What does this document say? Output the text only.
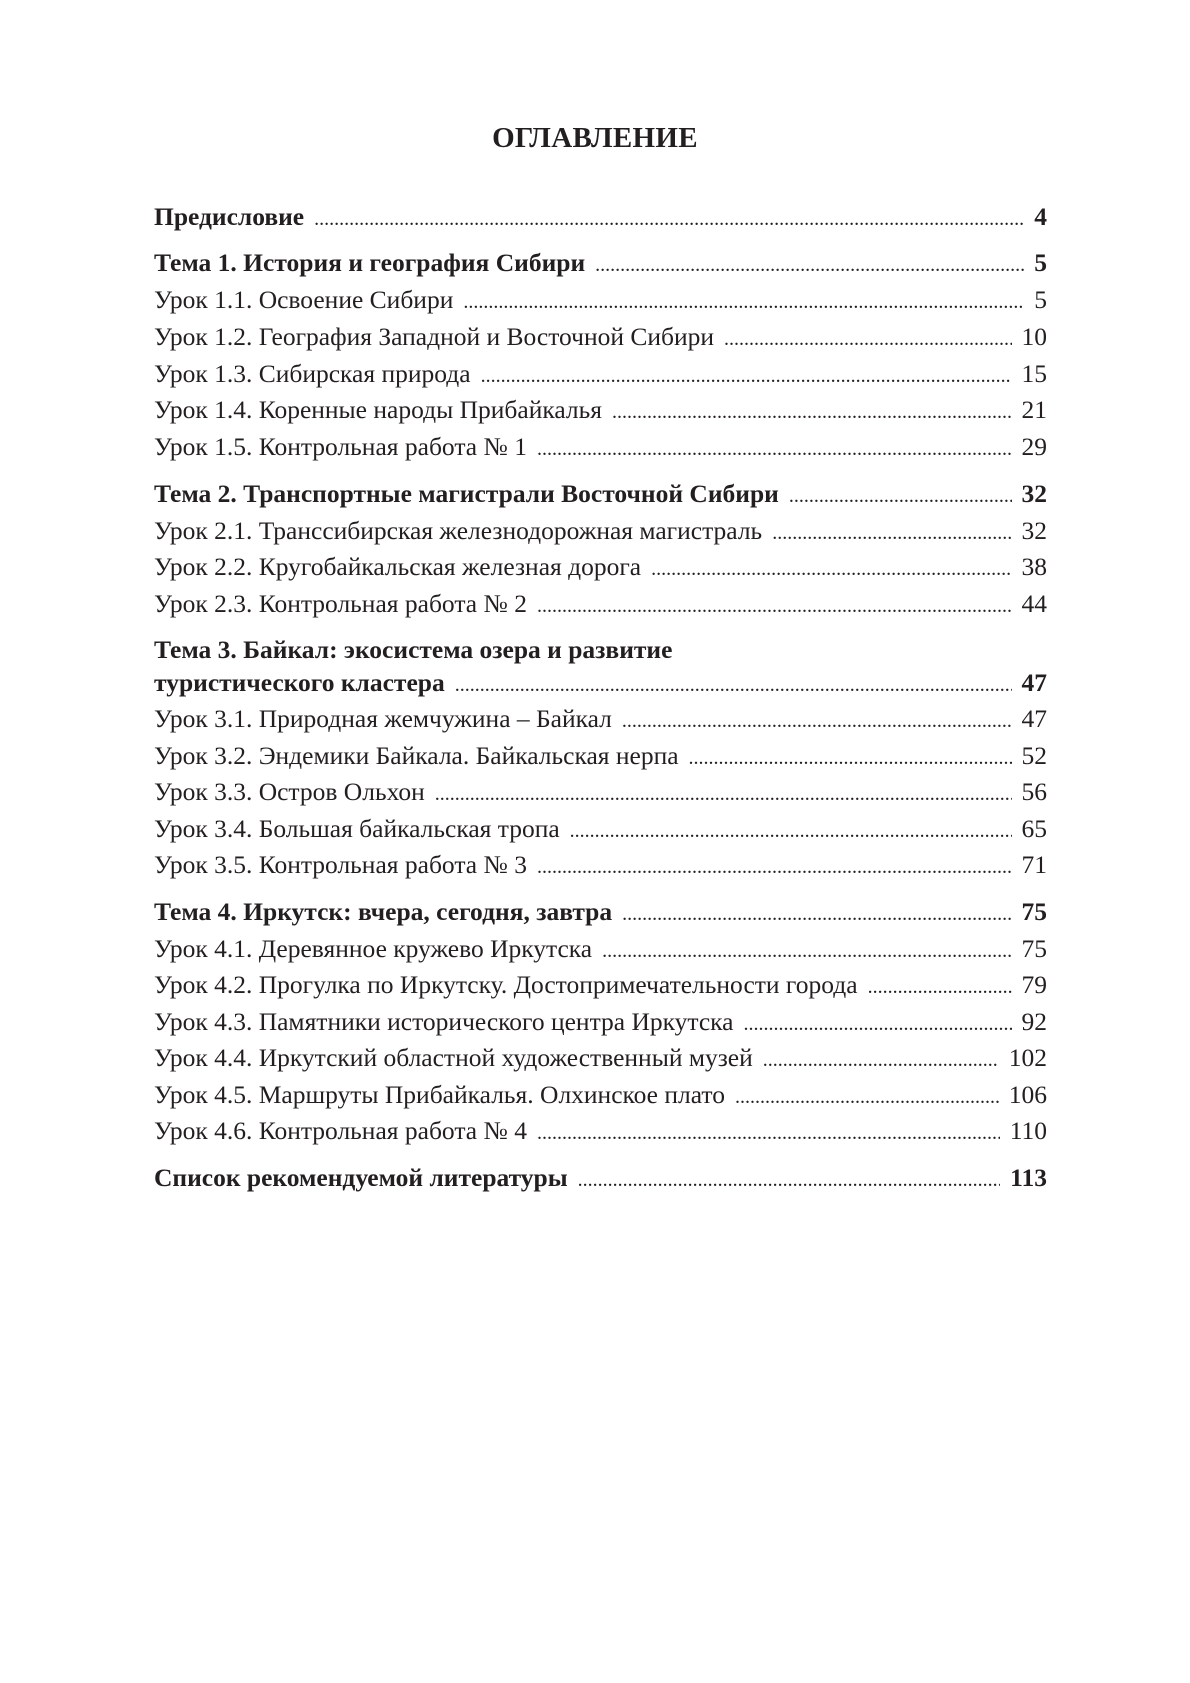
ОГЛАВЛЕНИЕ
Предисловие .....	4
Тема 1. История и география Сибири .....	5
Урок 1.1. Освоение Сибири .....	5
Урок 1.2. География Западной и Восточной Сибири .....	10
Урок 1.3. Сибирская природа .....	15
Урок 1.4. Коренные народы Прибайкалья .....	21
Урок 1.5. Контрольная работа № 1 .....	29
Тема 2. Транспортные магистрали Восточной Сибири .....	32
Урок 2.1. Транссибирская железнодорожная магистраль .....	32
Урок 2.2. Кругобайкальская железная дорога .....	38
Урок 2.3. Контрольная работа № 2 .....	44
Тема 3. Байкал: экосистема озера и развитие
туристического кластера .....	47
Урок 3.1. Природная жемчужина – Байкал .....	47
Урок 3.2. Эндемики Байкала. Байкальская нерпа .....	52
Урок 3.3. Остров Ольхон .....	56
Урок 3.4. Большая байкальская тропа .....	65
Урок 3.5. Контрольная работа № 3 .....	71
Тема 4. Иркутск: вчера, сегодня, завтра .....	75
Урок 4.1. Деревянное кружево Иркутска .....	75
Урок 4.2. Прогулка по Иркутску. Достопримечательности города .....	79
Урок 4.3. Памятники исторического центра Иркутска .....	92
Урок 4.4. Иркутский областной художественный музей .....	102
Урок 4.5. Маршруты Прибайкалья. Олхинское плато .....	106
Урок 4.6. Контрольная работа № 4 .....	110
Список рекомендуемой литературы .....	113
